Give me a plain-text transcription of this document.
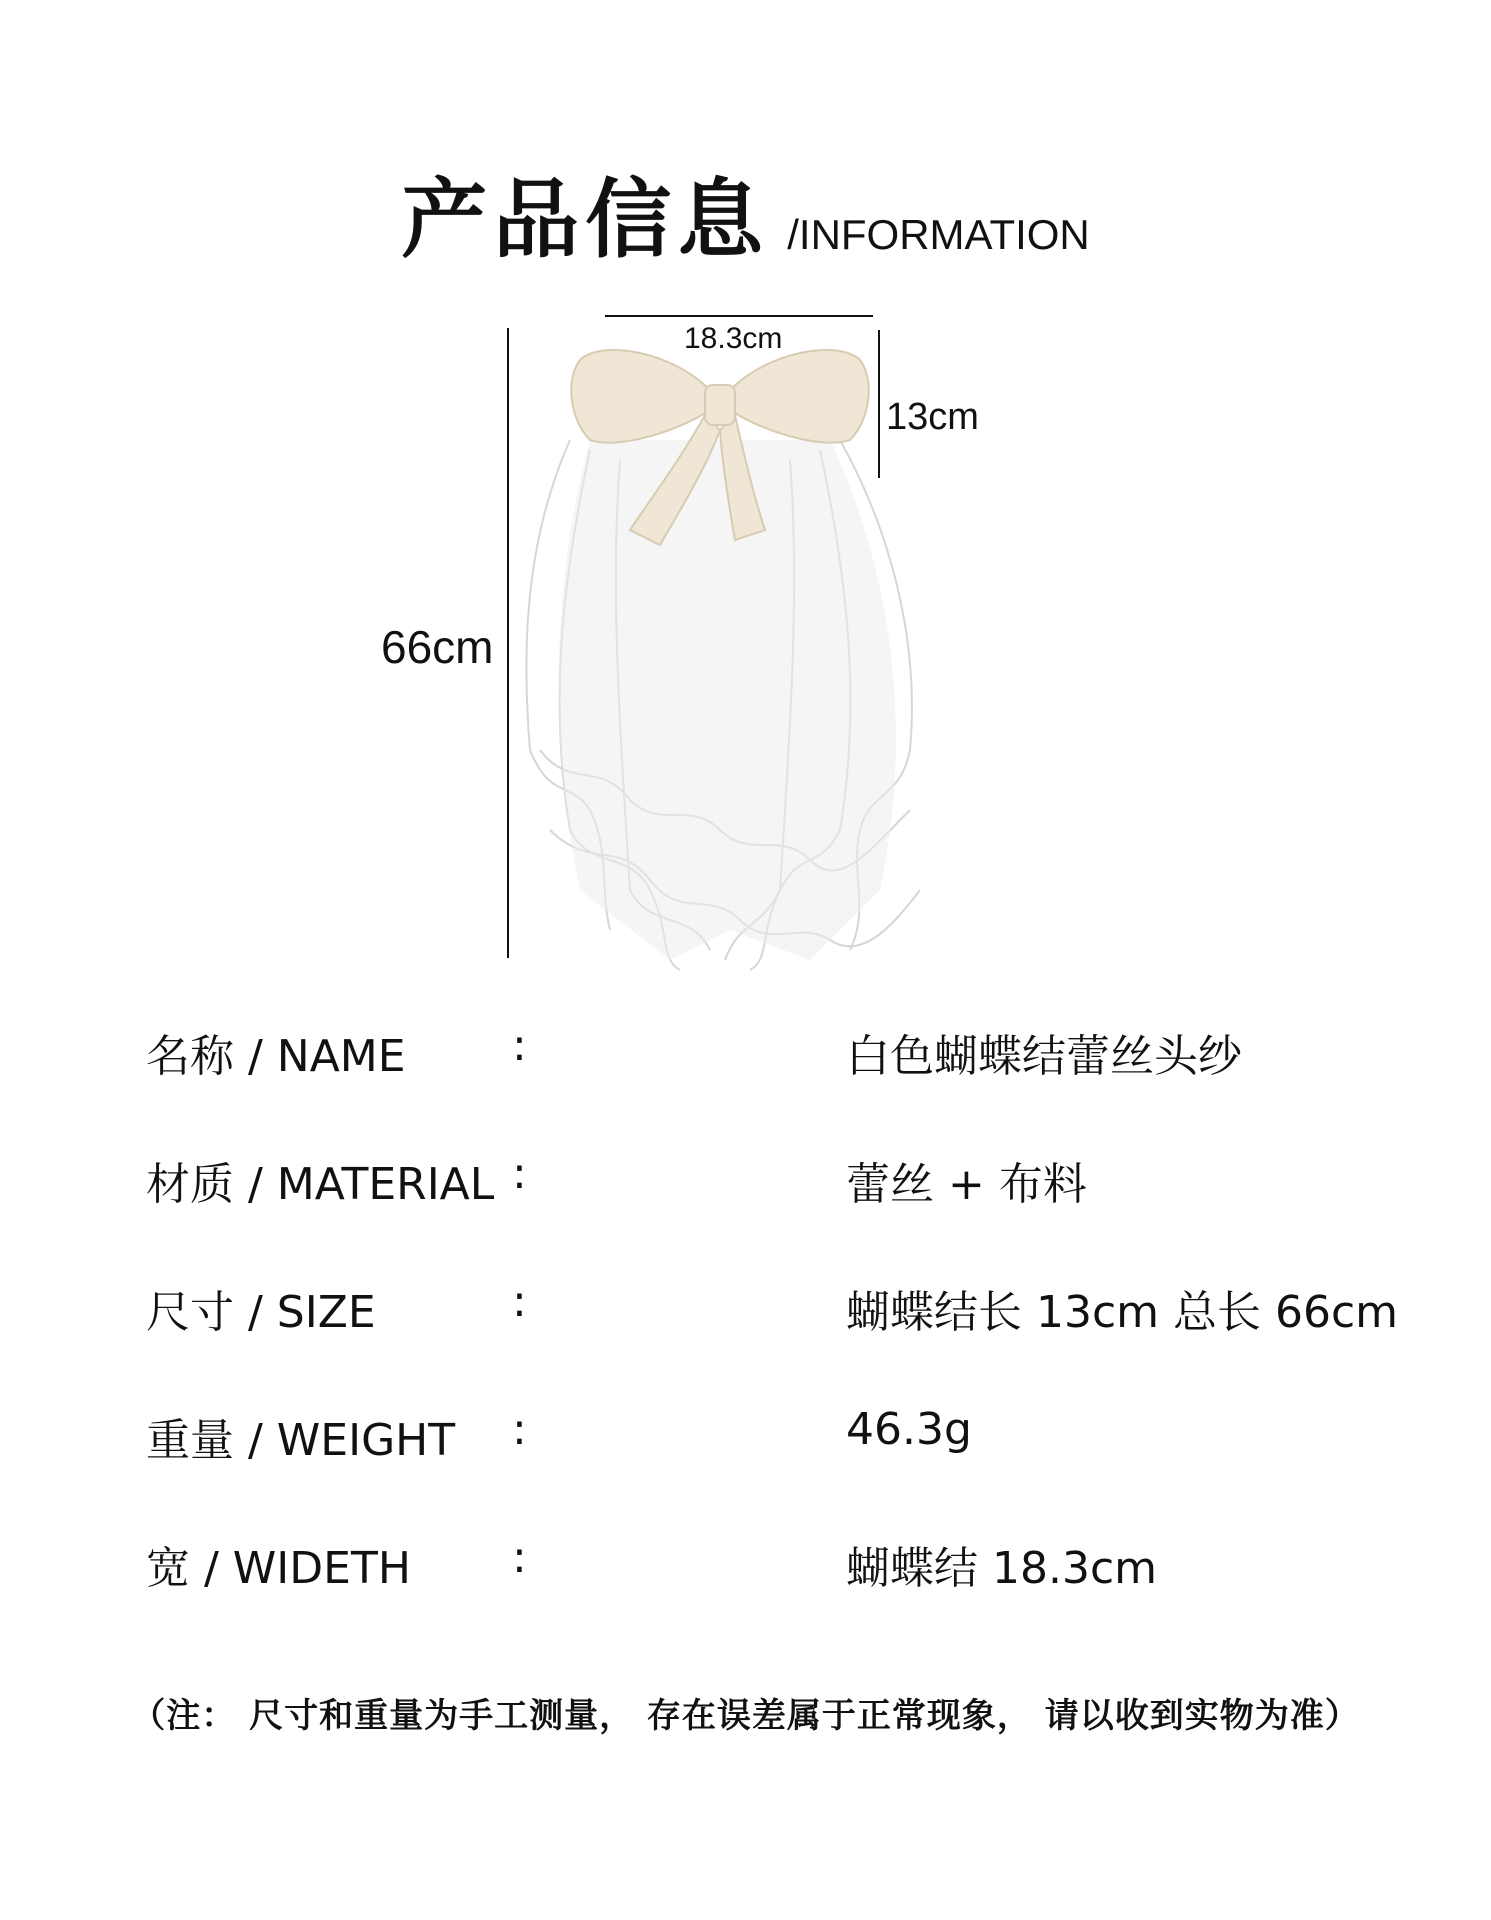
产品信息 /INFORMATION
18.3cm
13cm
66cm
名称 / NAME :	白色蝴蝶结蕾丝头纱
材质 / MATERIAL :	蕾丝 + 布料
尺寸 / SIZE	:	蝴蝶结长 13cm 总长 66cm
重量 / WEIGHT :	46.3g
宽 / WIDETH :	蝴蝶结 18.3cm
（注： 尺寸和重量为手工测量， 存在误差属于正常现象， 请以收到实物为准）
